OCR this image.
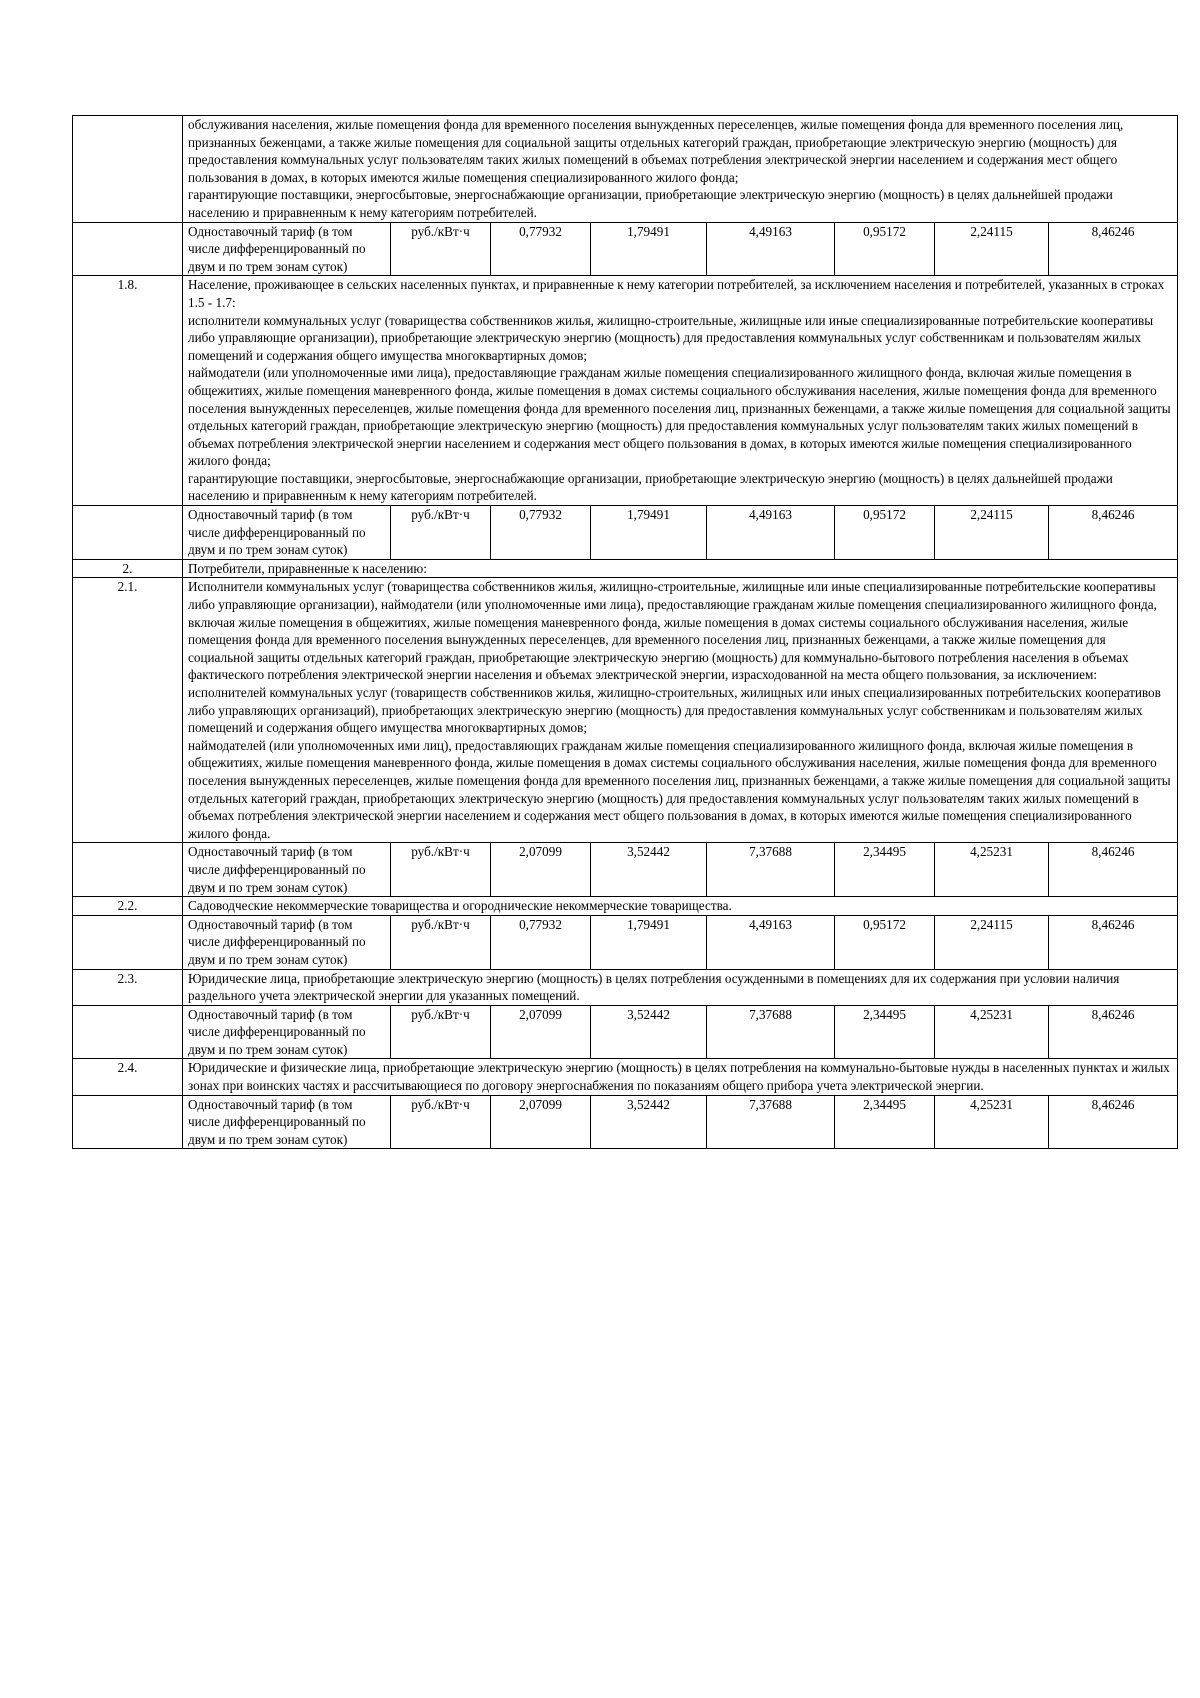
	обслуживания населения, жилые помещения фонда для временного поселения вынужденных переселенцев, жилые помещения фонда для временного поселения лиц, признанных беженцами, а также жилые помещения для социальной защиты отдельных категорий граждан, приобретающие электрическую энергию (мощность) для предоставления коммунальных услуг пользователям таких жилых помещений в объемах потребления электрической энергии населением и содержания мест общего пользования в домах, в которых имеются жилые помещения специализированного жилого фонда;
гарантирующие поставщики, энергосбытовые, энергоснабжающие организации, приобретающие электрическую энергию (мощность) в целях дальнейшей продажи населению и приравненным к нему категориям потребителей.							

	Одноставочный тариф (в том числе дифференцированный по двум и по трем зонам суток)	руб./кВт·ч	0,77932	1,79491	4,49163	0,95172	2,24115	8,46246
1.8.	Население, проживающее в сельских населенных пунктах, и приравненные к нему категории потребителей, за исключением населения и потребителей, указанных в строках 1.5 - 1.7:
исполнители коммунальных услуг (товарищества собственников жилья, жилищно-строительные, жилищные или иные специализированные потребительские кооперативы либо управляющие организации), приобретающие электрическую энергию (мощность) для предоставления коммунальных услуг собственникам и пользователям жилых помещений и содержания общего имущества многоквартирных домов;
наймодатели (или уполномоченные ими лица), предоставляющие гражданам жилые помещения специализированного жилищного фонда, включая жилые помещения в общежитиях, жилые помещения маневренного фонда, жилые помещения в домах системы социального обслуживания населения, жилые помещения фонда для временного поселения вынужденных переселенцев, жилые помещения фонда для временного поселения лиц, признанных беженцами, а также жилые помещения для социальной защиты отдельных категорий граждан, приобретающие электрическую энергию (мощность) для предоставления коммунальных услуг пользователям таких жилых помещений в объемах потребления электрической энергии населением и содержания мест общего пользования в домах, в которых имеются жилые помещения специализированного жилого фонда;
гарантирующие поставщики, энергосбытовые, энергоснабжающие организации, приобретающие электрическую энергию (мощность) в целях дальнейшей продажи населению и приравненным к нему категориям потребителей.							

	Одноставочный тариф (в том числе дифференцированный по двум и по трем зонам суток)	руб./кВт·ч	0,77932	1,79491	4,49163	0,95172	2,24115	8,46246
2.	Потребители, приравненные к населению:							

2.1.	Исполнители коммунальных услуг (товарищества собственников жилья, жилищно-строительные, жилищные или иные специализированные потребительские кооперативы либо управляющие организации), наймодатели (или уполномоченные ими лица), предоставляющие гражданам жилые помещения специализированного жилищного фонда, включая жилые помещения в общежитиях, жилые помещения маневренного фонда, жилые помещения в домах системы социального обслуживания населения, жилые помещения фонда для временного поселения вынужденных переселенцев, для временного поселения лиц, признанных беженцами, а также жилые помещения для социальной защиты отдельных категорий граждан, приобретающие электрическую энергию (мощность) для коммунально-бытового потребления населения в объемах фактического потребления электрической энергии населения и объемах электрической энергии, израсходованной на места общего пользования, за исключением:
исполнителей коммунальных услуг (товариществ собственников жилья, жилищно-строительных, жилищных или иных специализированных потребительских кооперативов либо управляющих организаций), приобретающих электрическую энергию (мощность) для предоставления коммунальных услуг собственникам и пользователям жилых помещений и содержания общего имущества многоквартирных домов;
наймодателей (или уполномоченных ими лиц), предоставляющих гражданам жилые помещения специализированного жилищного фонда, включая жилые помещения в общежитиях, жилые помещения маневренного фонда, жилые помещения в домах системы социального обслуживания населения, жилые помещения фонда для временного поселения вынужденных переселенцев, жилые помещения фонда для временного поселения лиц, признанных беженцами, а также жилые помещения для социальной защиты отдельных категорий граждан, приобретающих электрическую энергию (мощность) для предоставления коммунальных услуг пользователям таких жилых помещений в объемах потребления электрической энергии населением и содержания мест общего пользования в домах, в которых имеются жилые помещения специализированного жилого фонда.							

	Одноставочный тариф (в том числе дифференцированный по двум и по трем зонам суток)	руб./кВт·ч	2,07099	3,52442	7,37688	2,34495	4,25231	8,46246
2.2.	Садоводческие некоммерческие товарищества и огороднические некоммерческие товарищества.							

	Одноставочный тариф (в том числе дифференцированный по двум и по трем зонам суток)	руб./кВт·ч	0,77932	1,79491	4,49163	0,95172	2,24115	8,46246
2.3.	Юридические лица, приобретающие электрическую энергию (мощность) в целях потребления осужденными в помещениях для их содержания при условии наличия раздельного учета электрической энергии для указанных помещений.							

	Одноставочный тариф (в том числе дифференцированный по двум и по трем зонам суток)	руб./кВт·ч	2,07099	3,52442	7,37688	2,34495	4,25231	8,46246
2.4.	Юридические и физические лица, приобретающие электрическую энергию (мощность) в целях потребления на коммунально-бытовые нужды в населенных пунктах и жилых зонах при воинских частях и рассчитывающиеся по договору энергоснабжения по показаниям общего прибора учета электрической энергии.							

	Одноставочный тариф (в том числе дифференцированный по двум и по трем зонам суток)	руб./кВт·ч	2,07099	3,52442	7,37688	2,34495	4,25231	8,46246
